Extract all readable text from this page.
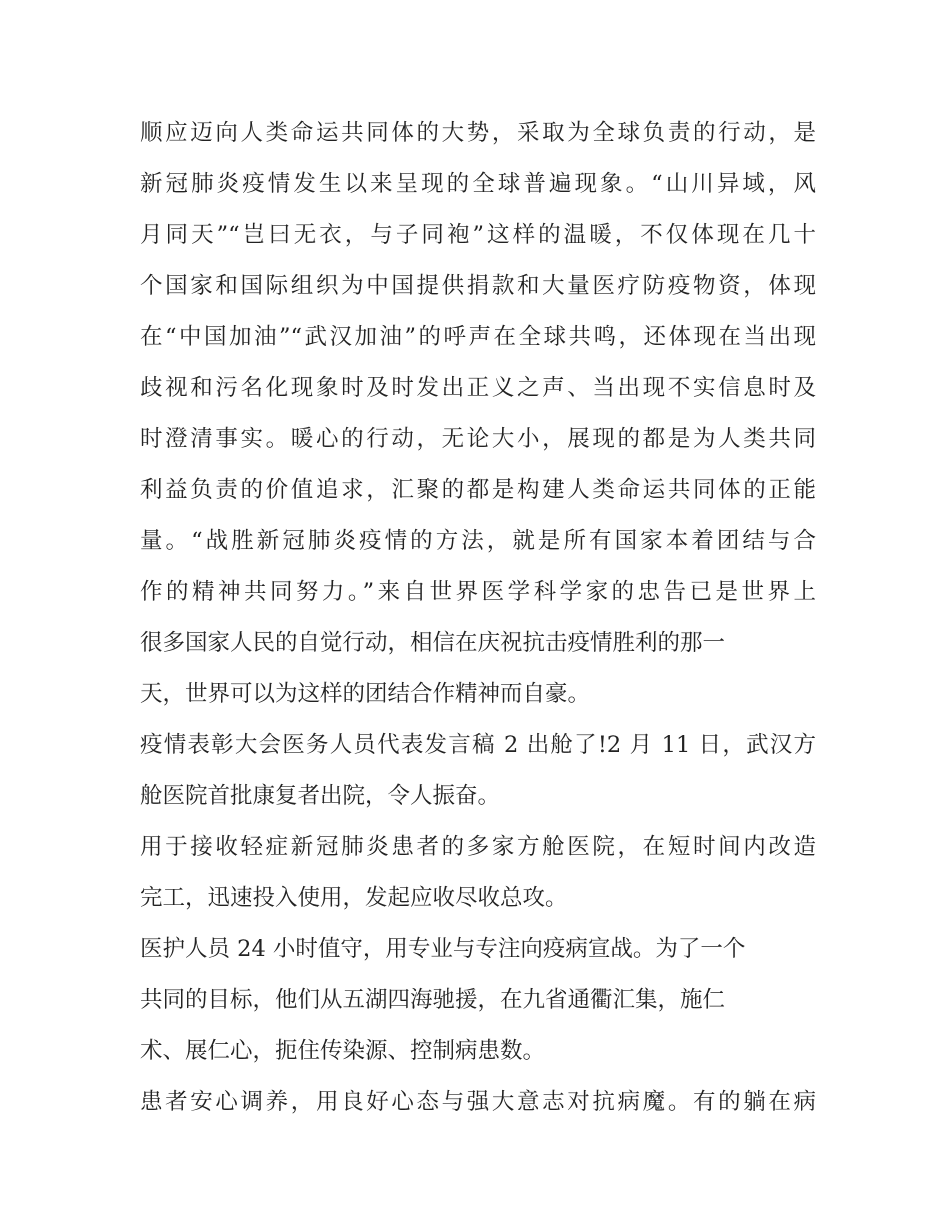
顺应迈向人类命运共同体的大势，采取为全球负责的行动，是
新冠肺炎疫情发生以来呈现的全球普遍现象。“山川异域，风
月同天”“岂曰无衣，与子同袍”这样的温暖，不仅体现在几十
个国家和国际组织为中国提供捐款和大量医疗防疫物资，体现
在“中国加油”“武汉加油”的呼声在全球共鸣，还体现在当出现
歧视和污名化现象时及时发出正义之声、当出现不实信息时及
时澄清事实。暖心的行动，无论大小，展现的都是为人类共同
利益负责的价值追求，汇聚的都是构建人类命运共同体的正能
量。“战胜新冠肺炎疫情的方法，就是所有国家本着团结与合
作的精神共同努力。”来自世界医学科学家的忠告已是世界上
很多国家人民的自觉行动，相信在庆祝抗击疫情胜利的那一
天，世界可以为这样的团结合作精神而自豪。
疫情表彰大会医务人员代表发言稿 2 出舱了!2 月 11 日，武汉方
舱医院首批康复者出院，令人振奋。
用于接收轻症新冠肺炎患者的多家方舱医院，在短时间内改造
完工，迅速投入使用，发起应收尽收总攻。
医护人员 24 小时值守，用专业与专注向疫病宣战。为了一个
共同的目标，他们从五湖四海驰援，在九省通衢汇集，施仁
术、展仁心，扼住传染源、控制病患数。
患者安心调养，用良好心态与强大意志对抗病魔。有的躺在病
